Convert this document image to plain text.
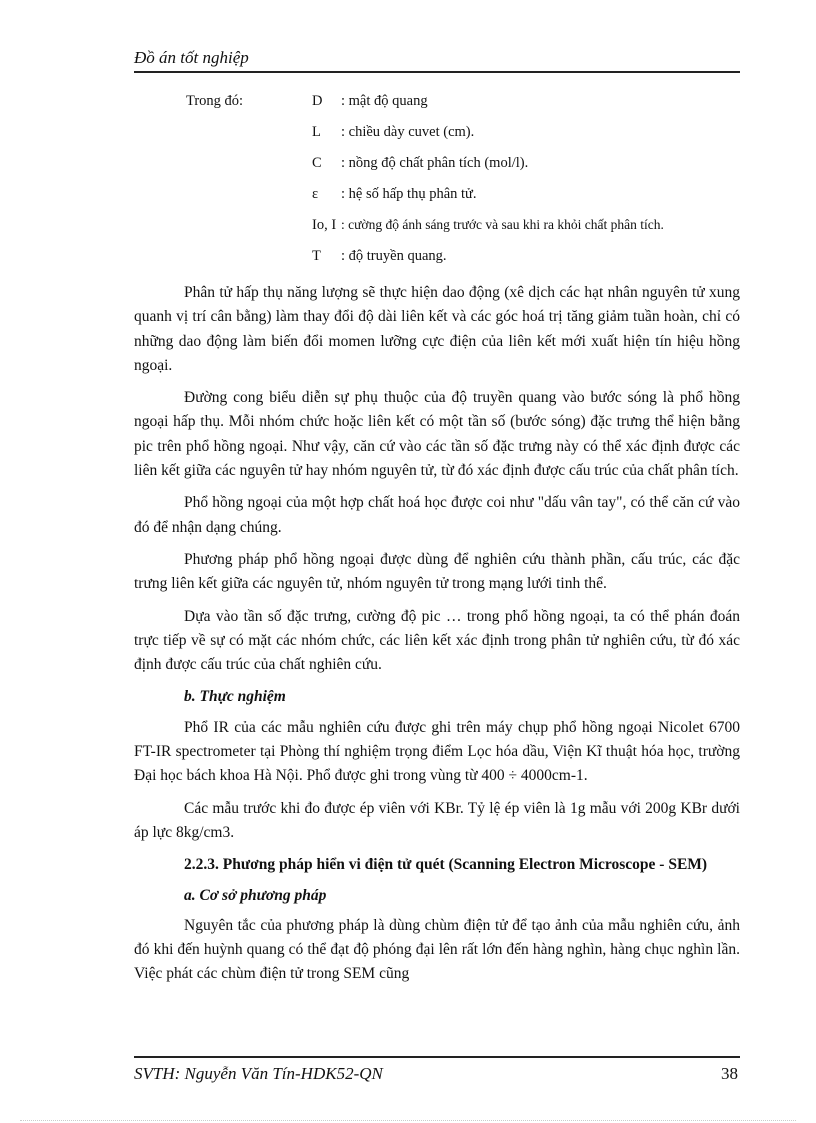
Đồ án tốt nghiệp
Trong đó:	D : mật độ quang
L : chiều dày cuvet (cm).
C : nồng độ chất phân tích (mol/l).
ε : hệ số hấp thụ phân tử.
Io, I : cường độ ánh sáng trước và sau khi ra khỏi chất phân tích.
T : độ truyền quang.

Phân tử hấp thụ năng lượng sẽ thực hiện dao động (xê dịch các hạt nhân nguyên tử xung quanh vị trí cân bằng) làm thay đổi độ dài liên kết và các góc hoá trị tăng giảm tuần hoàn, chỉ có những dao động làm biến đổi momen lưỡng cực điện của liên kết mới xuất hiện tín hiệu hồng ngoại.

Đường cong biểu diễn sự phụ thuộc của độ truyền quang vào bước sóng là phổ hồng ngoại hấp thụ. Mỗi nhóm chức hoặc liên kết có một tần số (bước sóng) đặc trưng thể hiện bằng pic trên phổ hồng ngoại. Như vậy, căn cứ vào các tần số đặc trưng này có thể xác định được các liên kết giữa các nguyên tử hay nhóm nguyên tử, từ đó xác định được cấu trúc của chất phân tích.

Phổ hồng ngoại của một hợp chất hoá học được coi như "dấu vân tay", có thể căn cứ vào đó để nhận dạng chúng.

Phương pháp phổ hồng ngoại được dùng để nghiên cứu thành phần, cấu trúc, các đặc trưng liên kết giữa các nguyên tử, nhóm nguyên tử trong mạng lưới tinh thể.

Dựa vào tần số đặc trưng, cường độ pic … trong phổ hồng ngoại, ta có thể phán đoán trực tiếp về sự có mặt các nhóm chức, các liên kết xác định trong phân tử nghiên cứu, từ đó xác định được cấu trúc của chất nghiên cứu.

b. Thực nghiệm

Phổ IR của các mẫu nghiên cứu được ghi trên máy chụp phổ hồng ngoại Nicolet 6700 FT-IR spectrometer tại Phòng thí nghiệm trọng điểm Lọc hóa dầu, Viện Kĩ thuật hóa học, trường Đại học bách khoa Hà Nội. Phổ được ghi trong vùng từ 400 ÷ 4000cm-1.

Các mẫu trước khi đo được ép viên với KBr. Tỷ lệ ép viên là 1g mẫu với 200g KBr dưới áp lực 8kg/cm3.

2.2.3. Phương pháp hiển vi điện tử quét (Scanning Electron Microscope - SEM)

a. Cơ sở phương pháp

Nguyên tắc của phương pháp là dùng chùm điện tử để tạo ảnh của mẫu nghiên cứu, ảnh đó khi đến huỳnh quang có thể đạt độ phóng đại lên rất lớn đến hàng nghìn, hàng chục nghìn lần. Việc phát các chùm điện tử trong SEM cũng

SVTH: Nguyễn Văn Tín-HDK52-QN	38
